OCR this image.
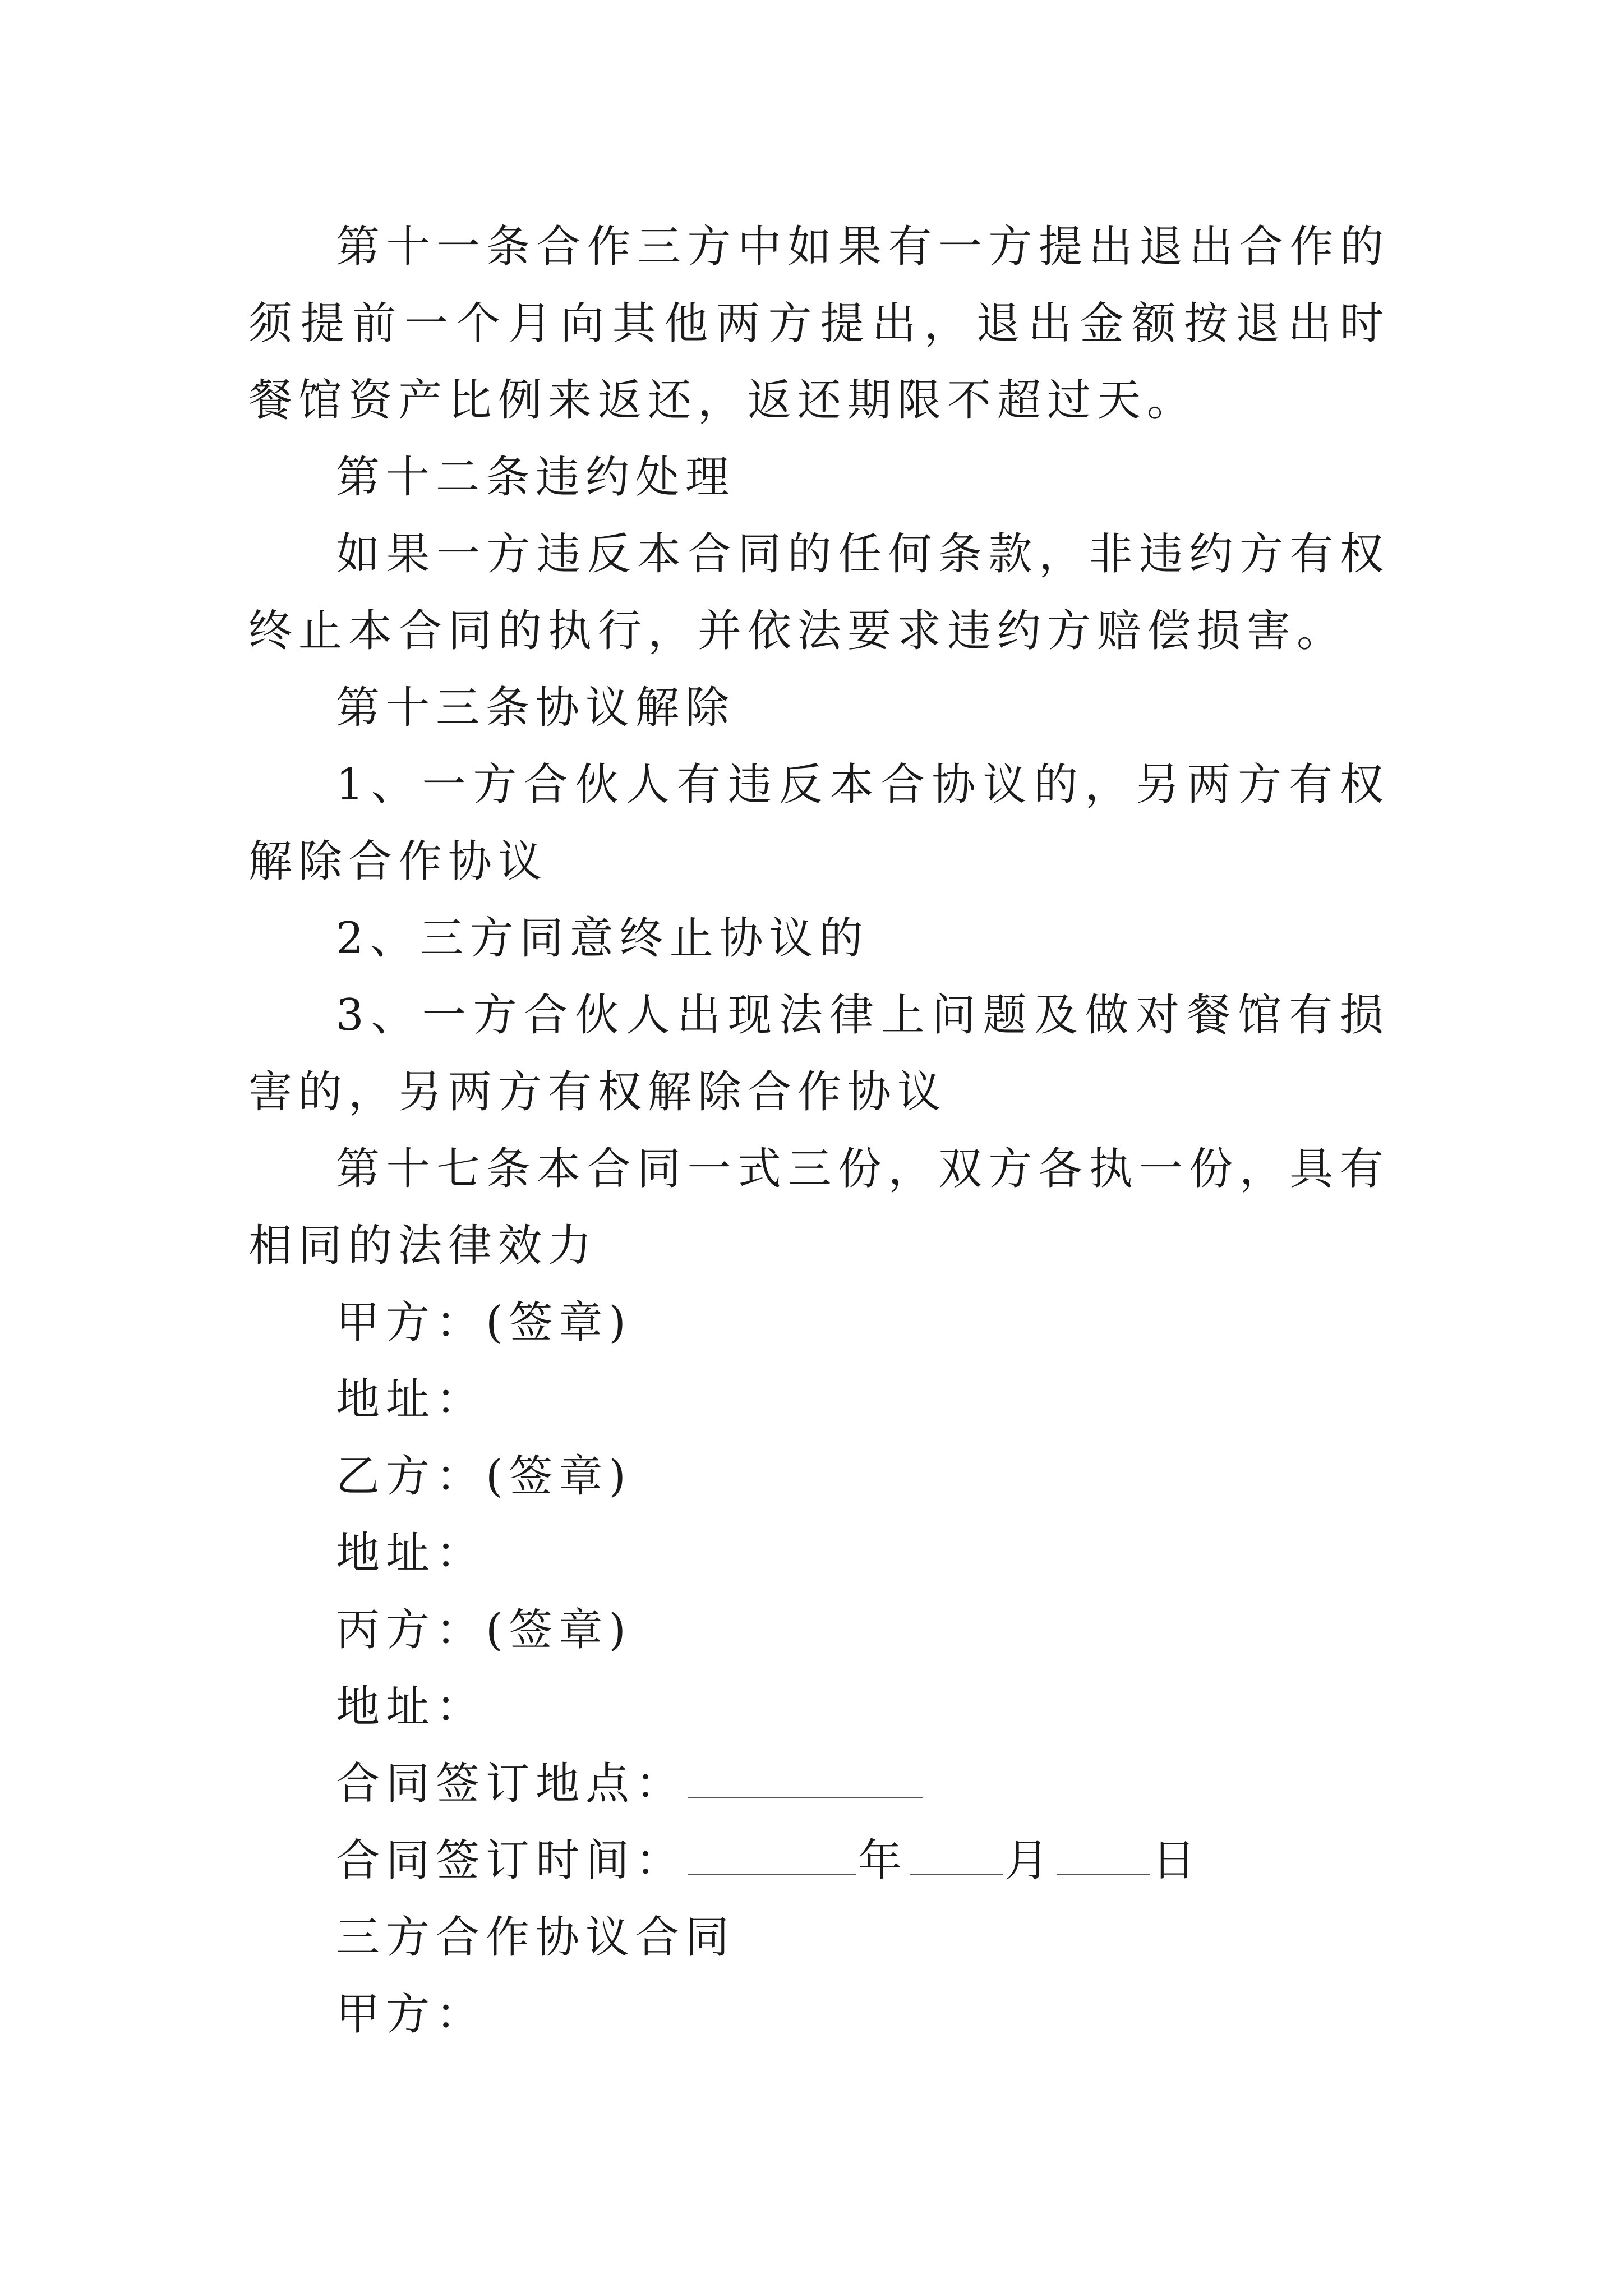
第十一条合作三方中如果有一方提出退出合作的须提前一个月向其他两方提出，退出金额按退出时餐馆资产比例来返还，返还期限不超过天。

第十二条违约处理

如果一方违反本合同的任何条款，非违约方有权终止本合同的执行，并依法要求违约方赔偿损害。

第十三条协议解除

1、一方合伙人有违反本合协议的，另两方有权解除合作协议

2、三方同意终止协议的

3、一方合伙人出现法律上问题及做对餐馆有损害的，另两方有权解除合作协议

第十七条本合同一式三份，双方各执一份，具有相同的法律效力

甲方：(签章)

地址：

乙方：(签章)

地址：

丙方：(签章)

地址：

合同签订地点：

合同签订时间：	年 月 日

三方合作协议合同

甲方：
